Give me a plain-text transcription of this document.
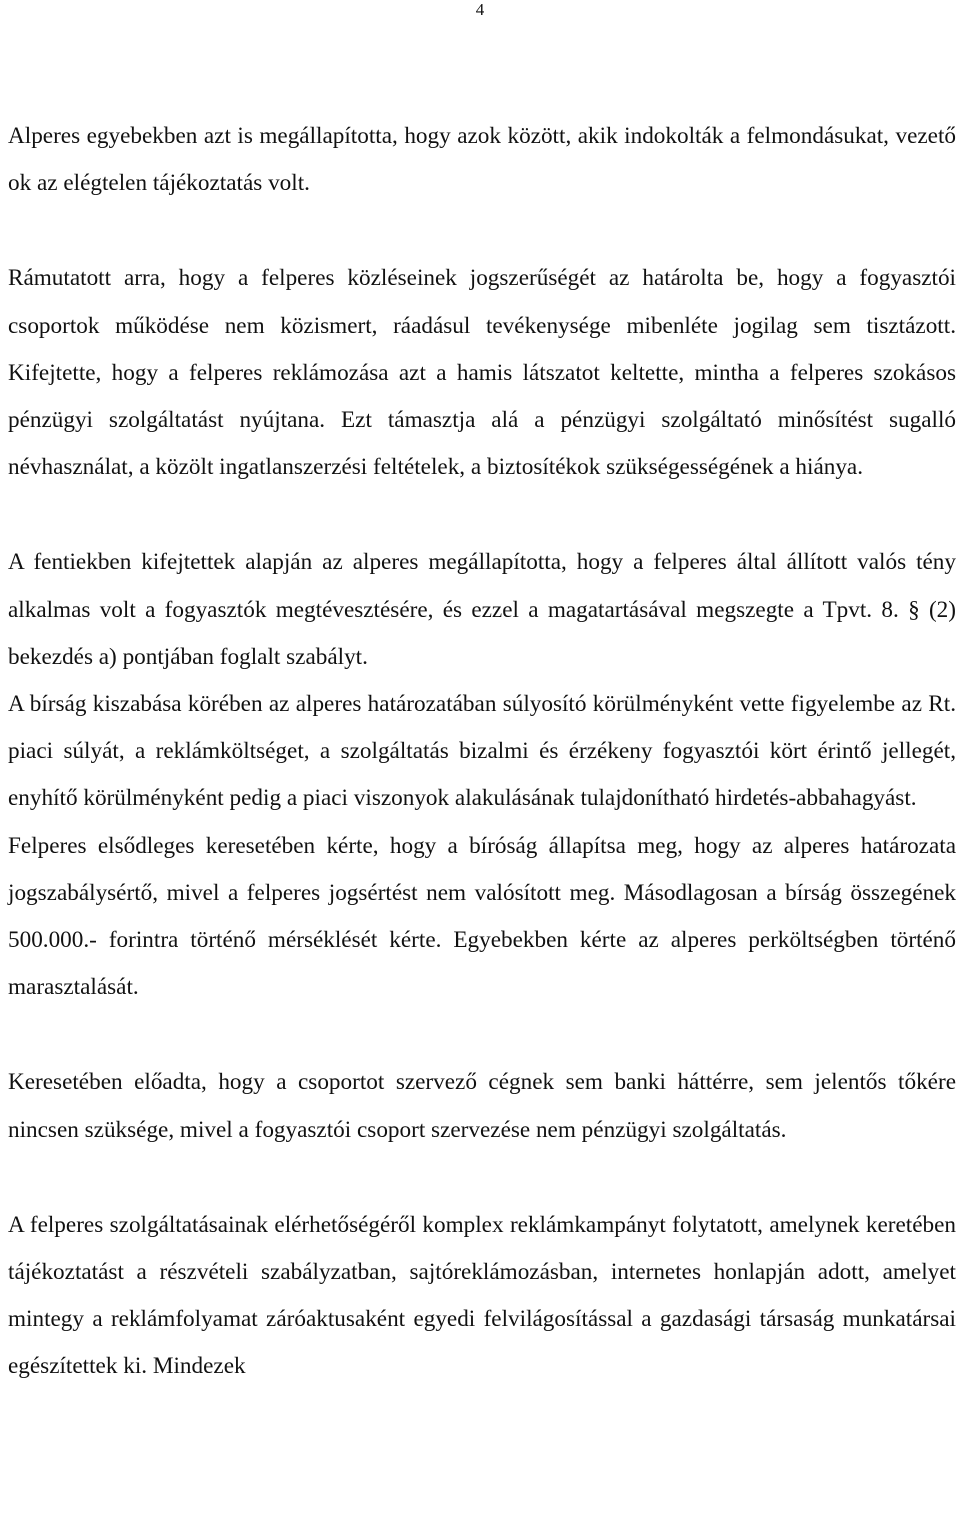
4

Alperes egyebekben azt is megállapította, hogy azok között, akik indokolták a felmondásukat, vezető ok az elégtelen tájékoztatás volt.

Rámutatott arra, hogy a felperes közléseinek jogszerűségét az határolta be, hogy a fogyasztói csoportok működése nem közismert, ráadásul tevékenysége mibenléte jogilag sem tisztázott. Kifejtette, hogy a felperes reklámozása azt a hamis látszatot keltette, mintha a felperes szokásos pénzügyi szolgáltatást nyújtana. Ezt támasztja alá a pénzügyi szolgáltató minősítést sugalló névhasználat, a közölt ingatlanszerzési feltételek, a biztosítékok szükségességének a hiánya.

A fentiekben kifejtettek alapján az alperes megállapította, hogy a felperes által állított valós tény alkalmas volt a fogyasztók megtévesztésére, és ezzel a magatartásával megszegte a Tpvt. 8. § (2) bekezdés a) pontjában foglalt szabályt.

A bírság kiszabása körében az alperes határozatában súlyosító körülményként vette figyelembe az Rt. piaci súlyát, a reklámköltséget, a szolgáltatás bizalmi és érzékeny fogyasztói kört érintő jellegét, enyhítő körülményként pedig a piaci viszonyok alakulásának tulajdonítható hirdetés-abbahagyást.

Felperes elsődleges keresetében kérte, hogy a bíróság állapítsa meg, hogy az alperes határozata jogszabálysértő, mivel a felperes jogsértést nem valósított meg. Másodlagosan a bírság összegének 500.000.- forintra történő mérséklését kérte. Egyebekben kérte az alperes perköltségben történő marasztalását.

Keresetében előadta, hogy a csoportot szervező cégnek sem banki háttérre, sem jelentős tőkére nincsen szüksége, mivel a fogyasztói csoport szervezése nem pénzügyi szolgáltatás.

A felperes szolgáltatásainak elérhetőségéről komplex reklámkampányt folytatott, amelynek keretében tájékoztatást a részvételi szabályzatban, sajtóreklámozásban, internetes honlapján adott, amelyet mintegy a reklámfolyamat záróaktusaként egyedi felvilágosítással a gazdasági társaság munkatársai egészítettek ki. Mindezek
